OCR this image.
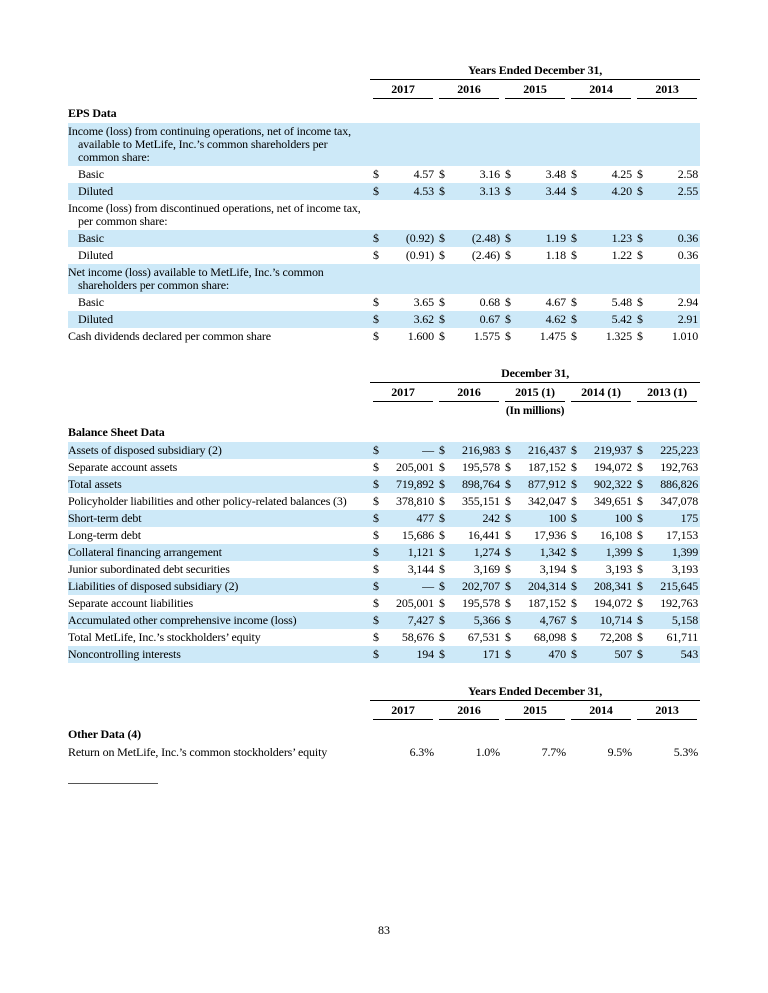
	Years Ended December 31,									

	2017		2016		2015		2014		2013	

EPS Data										
Income (loss) from continuing operations, net of income tax, available to MetLife, Inc.’s common shareholders per common share:										
Basic	$	4.57	$	3.16	$	3.48	$	4.25	$	2.58
Diluted	$	4.53	$	3.13	$	3.44	$	4.20	$	2.55
Income (loss) from discontinued operations, net of income tax, per common share:										
Basic	$	(0.92)	$	(2.48)	$	1.19	$	1.23	$	0.36
Diluted	$	(0.91)	$	(2.46)	$	1.18	$	1.22	$	0.36
Net income (loss) available to MetLife, Inc.’s common shareholders per common share:										
Basic	$	3.65	$	0.68	$	4.67	$	5.48	$	2.94
Diluted	$	3.62	$	0.67	$	4.62	$	5.42	$	2.91
Cash dividends declared per common share	$	1.600	$	1.575	$	1.475	$	1.325	$	1.010
	December 31,									

	2017		2016		2015 (1)		2014 (1)		2013 (1)	

	(In millions)									
Balance Sheet Data										
Assets of disposed subsidiary (2)	$	—	$	216,983	$	216,437	$	219,937	$	225,223
Separate account assets	$	205,001	$	195,578	$	187,152	$	194,072	$	192,763
Total assets	$	719,892	$	898,764	$	877,912	$	902,322	$	886,826
Policyholder liabilities and other policy-related balances (3)	$	378,810	$	355,151	$	342,047	$	349,651	$	347,078
Short-term debt	$	477	$	242	$	100	$	100	$	175
Long-term debt	$	15,686	$	16,441	$	17,936	$	16,108	$	17,153
Collateral financing arrangement	$	1,121	$	1,274	$	1,342	$	1,399	$	1,399
Junior subordinated debt securities	$	3,144	$	3,169	$	3,194	$	3,193	$	3,193
Liabilities of disposed subsidiary (2)	$	—	$	202,707	$	204,314	$	208,341	$	215,645
Separate account liabilities	$	205,001	$	195,578	$	187,152	$	194,072	$	192,763
Accumulated other comprehensive income (loss)	$	7,427	$	5,366	$	4,767	$	10,714	$	5,158
Total MetLife, Inc.’s stockholders’ equity	$	58,676	$	67,531	$	68,098	$	72,208	$	61,711
Noncontrolling interests	$	194	$	171	$	470	$	507	$	543
	Years Ended December 31,									

	2017		2016		2015		2014		2013	

Other Data (4)										
Return on MetLife, Inc.’s common stockholders’ equity		6.3%		1.0%		7.7%		9.5%		5.3%
83
